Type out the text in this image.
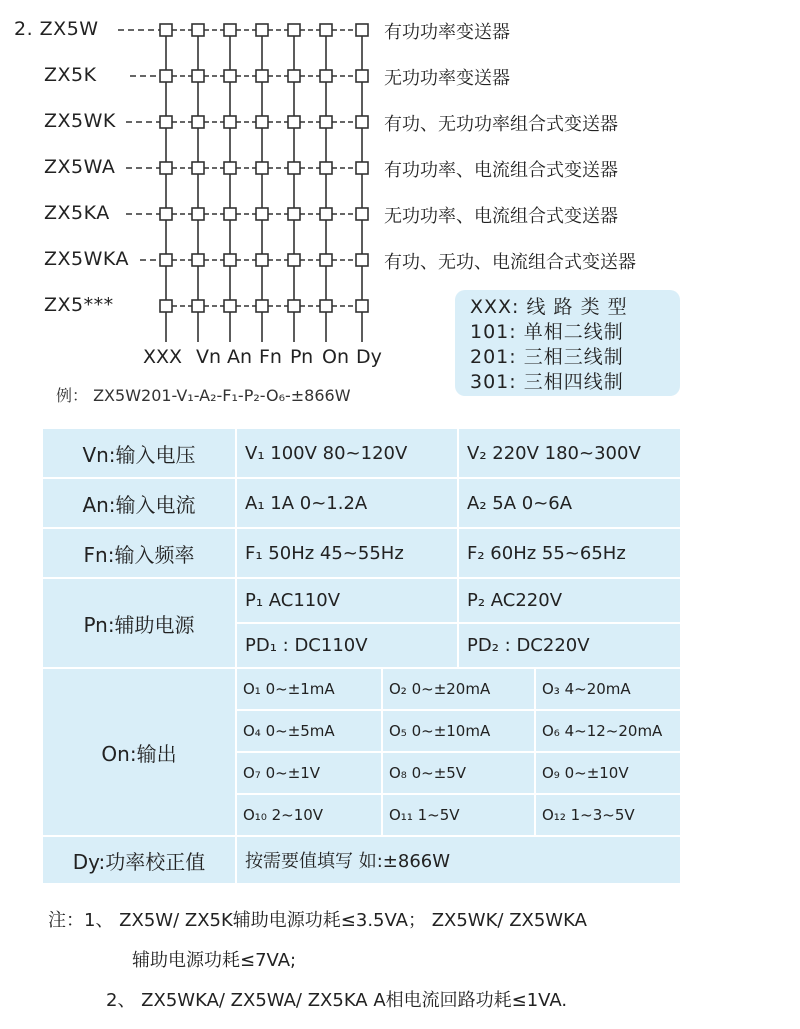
2. ZX5W	有功功率变送器
ZX5K	无功功率变送器
ZX5WK	有功、无功功率组合式变送器
ZX5WA	有功功率、电流组合式变送器
ZX5KA	无功功率、电流组合式变送器
ZX5WKA	有功、无功、电流组合式变送器
ZX5***
XXX Vn An Fn Pn On Dy
例： ZX5W201-V₁-A₂-F₁-P₂-O₆-±866W
XXX: 线 路 类 型
101: 单相二线制
201: 三相三线制
301: 三相四线制
Vn:输入电压	V₁ 100V 80~120V		V₂ 220V 180~300V	
An:输入电流	A₁ 1A 0~1.2A		A₂ 5A 0~6A	
Fn:输入频率	F₁ 50Hz 45~55Hz		F₂ 60Hz 55~65Hz	
Pn:辅助电源	P₁ AC110V		P₂ AC220V	
	PD₁ : DC110V		PD₂ : DC220V	
On:输出	O₁ 0~±1mA	O₂ 0~±20mA		O₃ 4~20mA
	O₄ 0~±5mA	O₅ 0~±10mA		O₆ 4~12~20mA
	O₇ 0~±1V	O₈ 0~±5V		O₉ 0~±10V
	O₁₀ 2~10V	O₁₁ 1~5V		O₁₂ 1~3~5V
Dy:功率校正值	按需要值填写 如:±866W			
注：1、 ZX5W/ ZX5K辅助电源功耗≤3.5VA； ZX5WK/ ZX5WKA
辅助电源功耗≤7VA;
2、 ZX5WKA/ ZX5WA/ ZX5KA A相电流回路功耗≤1VA.
